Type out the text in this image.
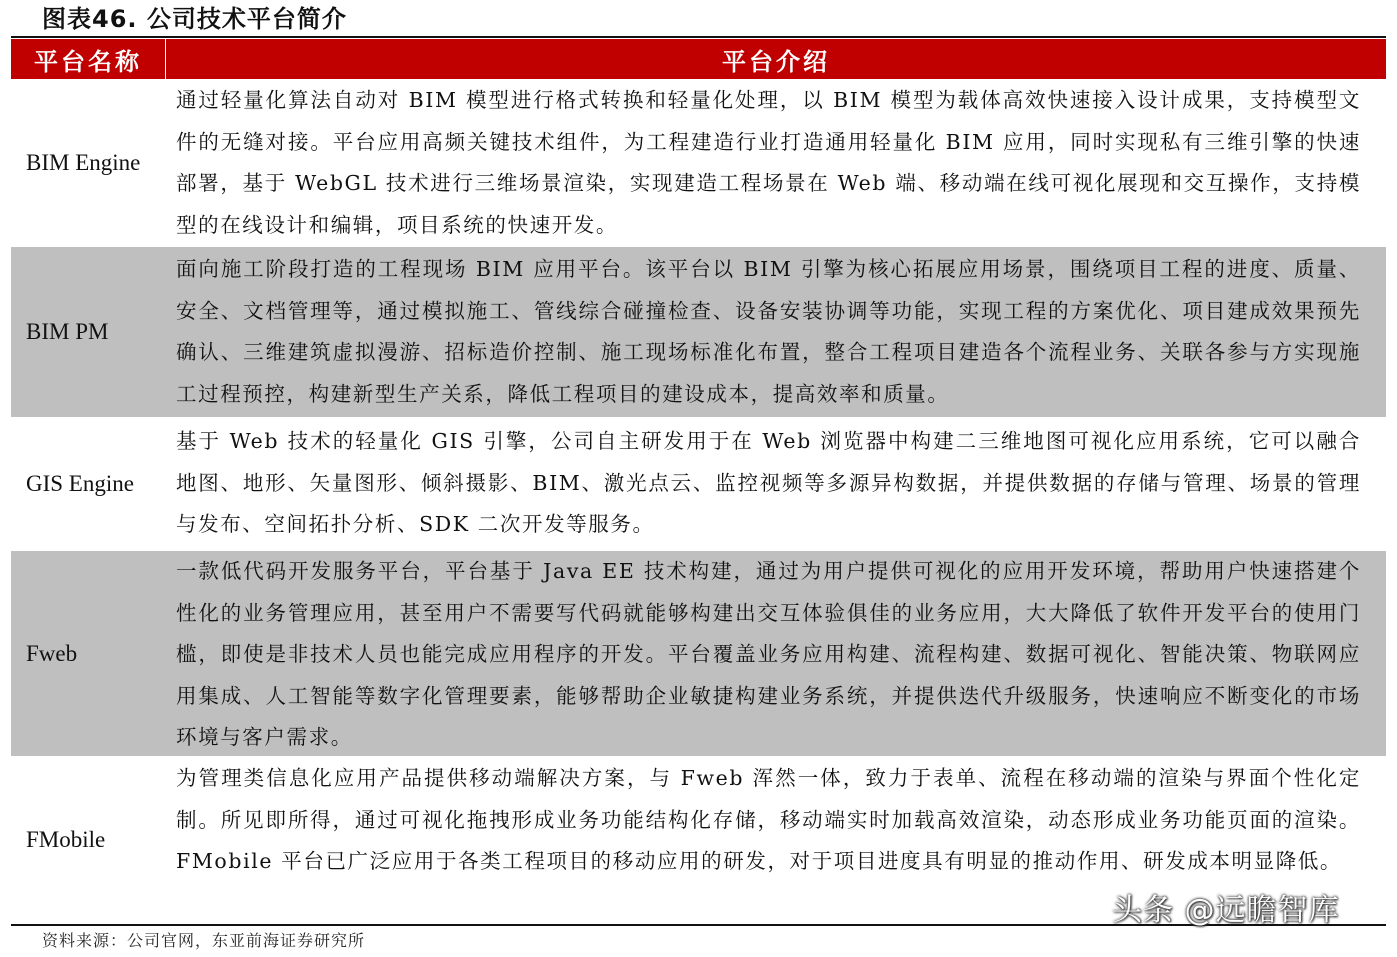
图表46. 公司技术平台简介
平台名称	平台介绍
BIM Engine
通过轻量化算法自动对 BIM 模型进行格式转换和轻量化处理，以 BIM 模型为载体高效快速接入设计成果，支持模型文件的无缝对接。平台应用高频关键技术组件，为工程建造行业打造通用轻量化 BIM 应用，同时实现私有三维引擎的快速部署，基于 WebGL 技术进行三维场景渲染，实现建造工程场景在 Web 端、移动端在线可视化展现和交互操作，支持模型的在线设计和编辑，项目系统的快速开发。
BIM PM
面向施工阶段打造的工程现场 BIM 应用平台。该平台以 BIM 引擎为核心拓展应用场景，围绕项目工程的进度、质量、安全、文档管理等，通过模拟施工、管线综合碰撞检查、设备安装协调等功能，实现工程的方案优化、项目建成效果预先确认、三维建筑虚拟漫游、招标造价控制、施工现场标准化布置，整合工程项目建造各个流程业务、关联各参与方实现施工过程预控，构建新型生产关系，降低工程项目的建设成本，提高效率和质量。
GIS Engine
基于 Web 技术的轻量化 GIS 引擎，公司自主研发用于在 Web 浏览器中构建二三维地图可视化应用系统，它可以融合地图、地形、矢量图形、倾斜摄影、BIM、激光点云、监控视频等多源异构数据，并提供数据的存储与管理、场景的管理与发布、空间拓扑分析、SDK 二次开发等服务。
Fweb
一款低代码开发服务平台，平台基于 Java EE 技术构建，通过为用户提供可视化的应用开发环境，帮助用户快速搭建个性化的业务管理应用，甚至用户不需要写代码就能够构建出交互体验俱佳的业务应用，大大降低了软件开发平台的使用门槛，即使是非技术人员也能完成应用程序的开发。平台覆盖业务应用构建、流程构建、数据可视化、智能决策、物联网应用集成、人工智能等数字化管理要素，能够帮助企业敏捷构建业务系统，并提供迭代升级服务，快速响应不断变化的市场环境与客户需求。
FMobile
为管理类信息化应用产品提供移动端解决方案，与 Fweb 浑然一体，致力于表单、流程在移动端的渲染与界面个性化定制。所见即所得，通过可视化拖拽形成业务功能结构化存储，移动端实时加载高效渲染，动态形成业务功能页面的渲染。FMobile 平台已广泛应用于各类工程项目的移动应用的研发，对于项目进度具有明显的推动作用、研发成本明显降低。
资料来源：公司官网，东亚前海证券研究所
头条 @远瞻智库
